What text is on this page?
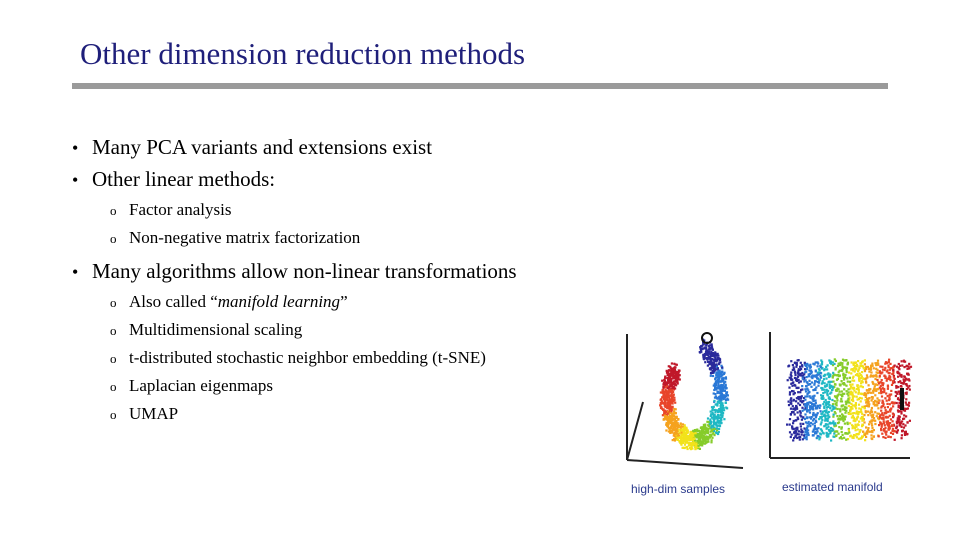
Other dimension reduction methods
• Many PCA variants and extensions exist
• Other linear methods:
o Factor analysis
o Non-negative matrix factorization
• Many algorithms allow non-linear transformations
o Also called “manifold learning”
o Multidimensional scaling
o t-distributed stochastic neighbor embedding (t-SNE)
o Laplacian eigenmaps
o UMAP
high-dim samples	estimated manifold
